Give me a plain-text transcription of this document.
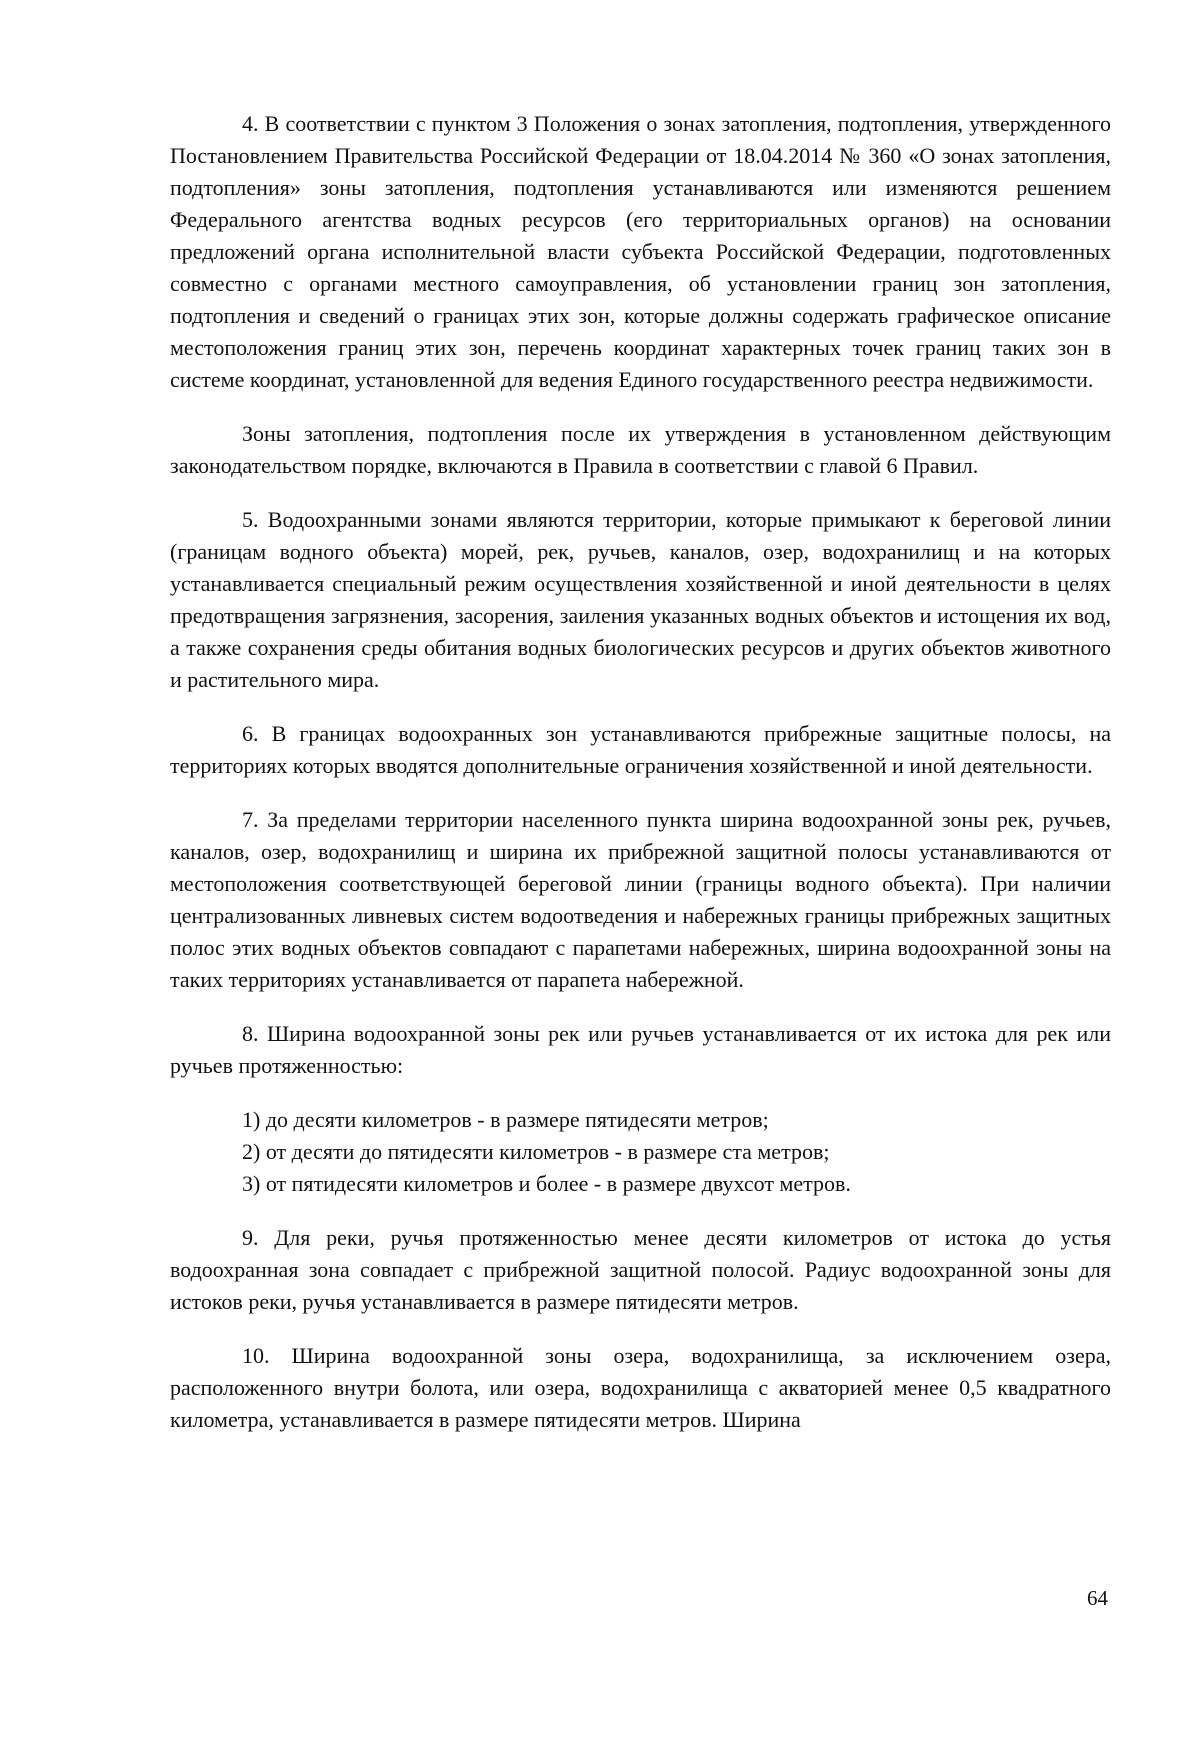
4. В соответствии с пунктом 3 Положения о зонах затопления, подтопления, утвержденного Постановлением Правительства Российской Федерации от 18.04.2014 № 360 «О зонах затопления, подтопления» зоны затопления, подтопления устанавливаются или изменяются решением Федерального агентства водных ресурсов (его территориальных органов) на основании предложений органа исполнительной власти субъекта Российской Федерации, подготовленных совместно с органами местного самоуправления, об установлении границ зон затопления, подтопления и сведений о границах этих зон, которые должны содержать графическое описание местоположения границ этих зон, перечень координат характерных точек границ таких зон в системе координат, установленной для ведения Единого государственного реестра недвижимости.

Зоны затопления, подтопления после их утверждения в установленном действующим законодательством порядке, включаются в Правила в соответствии с главой 6 Правил.

5. Водоохранными зонами являются территории, которые примыкают к береговой линии (границам водного объекта) морей, рек, ручьев, каналов, озер, водохранилищ и на которых устанавливается специальный режим осуществления хозяйственной и иной деятельности в целях предотвращения загрязнения, засорения, заиления указанных водных объектов и истощения их вод, а также сохранения среды обитания водных биологических ресурсов и других объектов животного и растительного мира.

6. В границах водоохранных зон устанавливаются прибрежные защитные полосы, на территориях которых вводятся дополнительные ограничения хозяйственной и иной деятельности.

7. За пределами территории населенного пункта ширина водоохранной зоны рек, ручьев, каналов, озер, водохранилищ и ширина их прибрежной защитной полосы устанавливаются от местоположения соответствующей береговой линии (границы водного объекта). При наличии централизованных ливневых систем водоотведения и набережных границы прибрежных защитных полос этих водных объектов совпадают с парапетами набережных, ширина водоохранной зоны на таких территориях устанавливается от парапета набережной.

8. Ширина водоохранной зоны рек или ручьев устанавливается от их истока для рек или ручьев протяженностью:

1) до десяти километров - в размере пятидесяти метров;
2) от десяти до пятидесяти километров - в размере ста метров;
3) от пятидесяти километров и более - в размере двухсот метров.

9. Для реки, ручья протяженностью менее десяти километров от истока до устья водоохранная зона совпадает с прибрежной защитной полосой. Радиус водоохранной зоны для истоков реки, ручья устанавливается в размере пятидесяти метров.

10. Ширина водоохранной зоны озера, водохранилища, за исключением озера, расположенного внутри болота, или озера, водохранилища с акваторией менее 0,5 квадратного километра, устанавливается в размере пятидесяти метров. Ширина

64
